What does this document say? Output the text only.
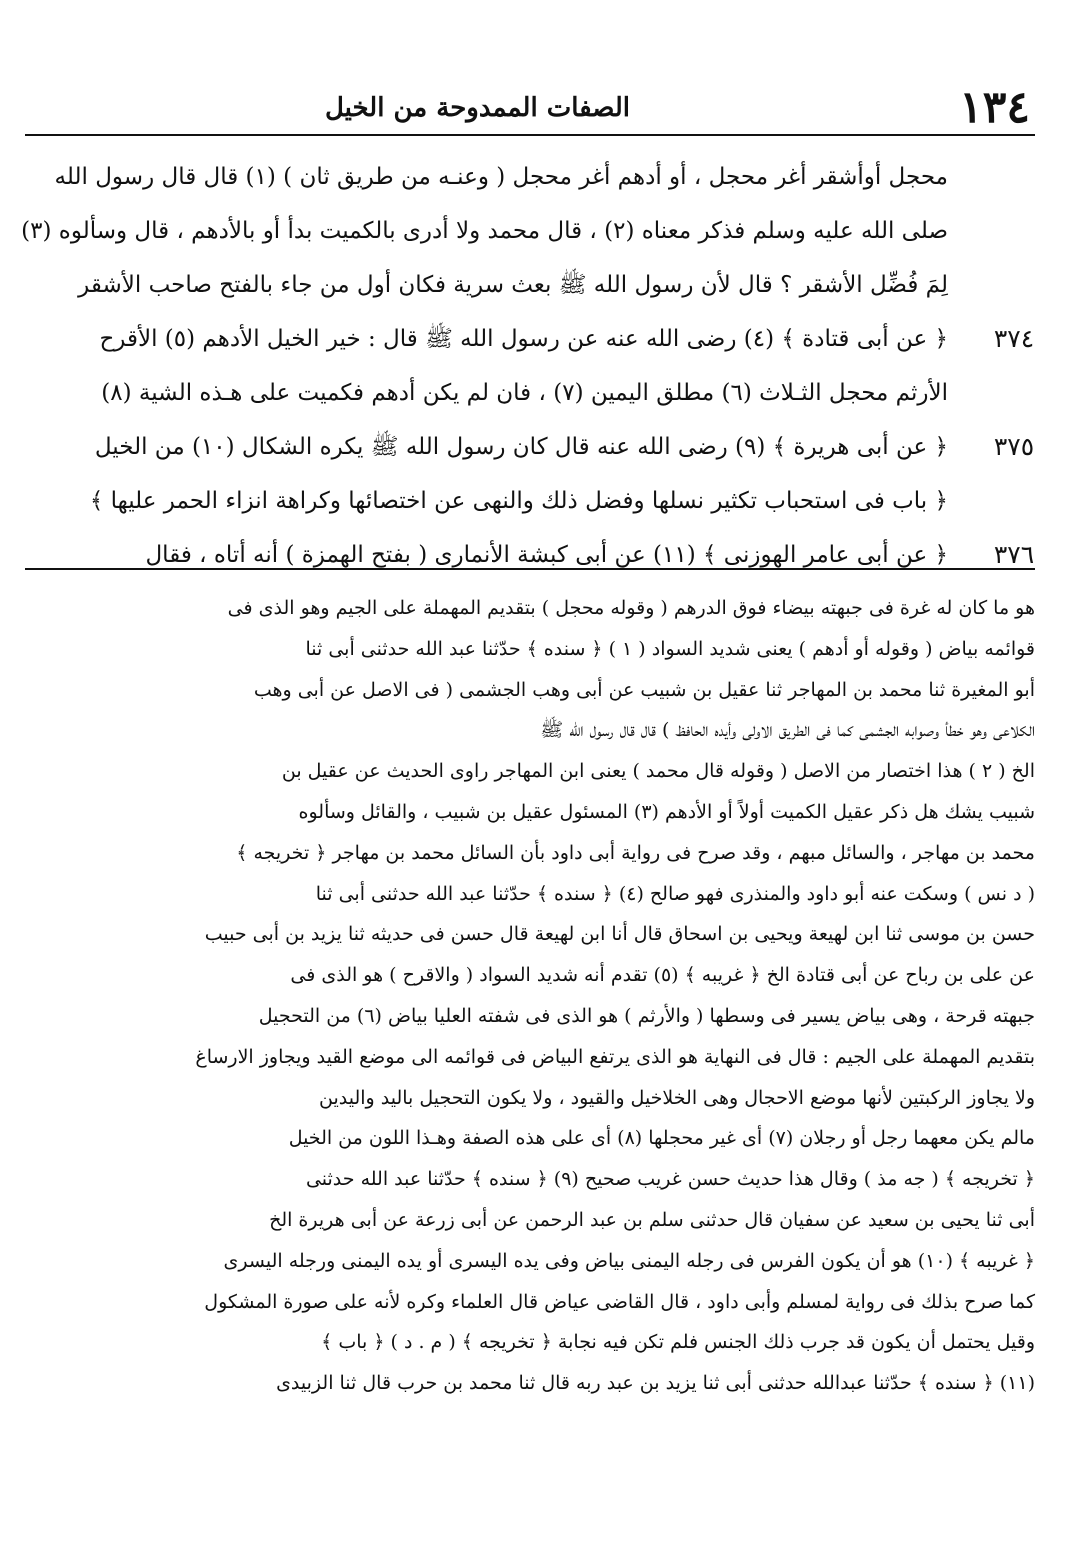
١٣٤
الصفات الممدوحة من الخيل
محجل أوأشقر أغر محجل ، أو أدهم أغر محجل ( وعنـه من طريق ثان ) (١) قال قال رسول الله
صلى الله عليه وسلم فذكر معناه (٢) ، قال محمد ولا أدرى بالكميت بدأ أو بالأدهم ، قال وسألوه (٣)
لِمَ فُضِّل الأشقر ؟ قال لأن رسول الله ﷺ بعث سرية فكان أول من جاء بالفتح صاحب الأشقر
٣٧٤
﴿ عن أبى قتادة ﴾ (٤) رضى الله عنه عن رسول الله ﷺ قال : خير الخيل الأدهم (٥) الأقرح
الأرثم محجل الثـلاث (٦) مطلق اليمين (٧) ، فان لم يكن أدهم فكميت على هـذه الشية (٨)
٣٧٥
﴿ عن أبى هريرة ﴾ (٩) رضى الله عنه قال كان رسول الله ﷺ يكره الشكال (١٠) من الخيل
﴿ باب فى استحباب تكثير نسلها وفضل ذلك والنهى عن اختصائها وكراهة انزاء الحمر عليها ﴾
٣٧٦
﴿ عن أبى عامر الهوزنى ﴾ (١١) عن أبى كبشة الأنمارى ( بفتح الهمزة ) أنه أتاه ، فقال
هو ما كان له غرة فى جبهته بيضاء فوق الدرهم ( وقوله محجل ) بتقديم المهملة على الجيم وهو الذى فى
قوائمه بياض ( وقوله أو أدهم ) يعنى شديد السواد ( ١ ) ﴿ سنده ﴾ حدّثنا عبد الله حدثنى أبى ثنا
أبو المغيرة ثنا محمد بن المهاجر ثنا عقيل بن شبيب عن أبى وهب الجشمى ( فى الاصل عن أبى وهب
الكلاعى وهو خطأ وصوابه الجشمى كما فى الطريق الاولى وأيده الحافظ ) قال قال رسول الله ﷺ
الخ ( ٢ ) هذا اختصار من الاصل ( وقوله قال محمد ) يعنى ابن المهاجر راوى الحديث عن عقيل بن
شبيب يشك هل ذكر عقيل الكميت أولاً أو الأدهم (٣) المسئول عقيل بن شبيب ، والقائل وسألوه
محمد بن مهاجر ، والسائل مبهم ، وقد صرح فى رواية أبى داود بأن السائل محمد بن مهاجر ﴿ تخريجه ﴾
( د نس ) وسكت عنه أبو داود والمنذرى فهو صالح (٤) ﴿ سنده ﴾ حدّثنا عبد الله حدثنى أبى ثنا
حسن بن موسى ثنا ابن لهيعة ويحيى بن اسحاق قال أنا ابن لهيعة قال حسن فى حديثه ثنا يزيد بن أبى حبيب
عن على بن رباح عن أبى قتادة الخ ﴿ غريبه ﴾ (٥) تقدم أنه شديد السواد ( والاقرح ) هو الذى فى
جبهته قرحة ، وهى بياض يسير فى وسطها ( والأرثم ) هو الذى فى شفته العليا بياض (٦) من التحجيل
بتقديم المهملة على الجيم : قال فى النهاية هو الذى يرتفع البياض فى قوائمه الى موضع القيد ويجاوز الارساغ
ولا يجاوز الركبتين لأنها موضع الاحجال وهى الخلاخيل والقيود ، ولا يكون التحجيل باليد واليدين
مالم يكن معهما رجل أو رجلان (٧) أى غير محجلها (٨) أى على هذه الصفة وهـذا اللون من الخيل
﴿ تخريجه ﴾ ( جه مذ ) وقال هذا حديث حسن غريب صحيح (٩) ﴿ سنده ﴾ حدّثنا عبد الله حدثنى
أبى ثنا يحيى بن سعيد عن سفيان قال حدثنى سلم بن عبد الرحمن عن أبى زرعة عن أبى هريرة الخ
﴿ غريبه ﴾ (١٠) هو أن يكون الفرس فى رجله اليمنى بياض وفى يده اليسرى أو يده اليمنى ورجله اليسرى
كما صرح بذلك فى رواية لمسلم وأبى داود ، قال القاضى عياض قال العلماء وكره لأنه على صورة المشكول
وقيل يحتمل أن يكون قد جرب ذلك الجنس فلم تكن فيه نجابة ﴿ تخريجه ﴾ ( م . د ) ﴿ باب ﴾
(١١) ﴿ سنده ﴾ حدّثنا عبدالله حدثنى أبى ثنا يزيد بن عبد ربه قال ثنا محمد بن حرب قال ثنا الزبيدى
